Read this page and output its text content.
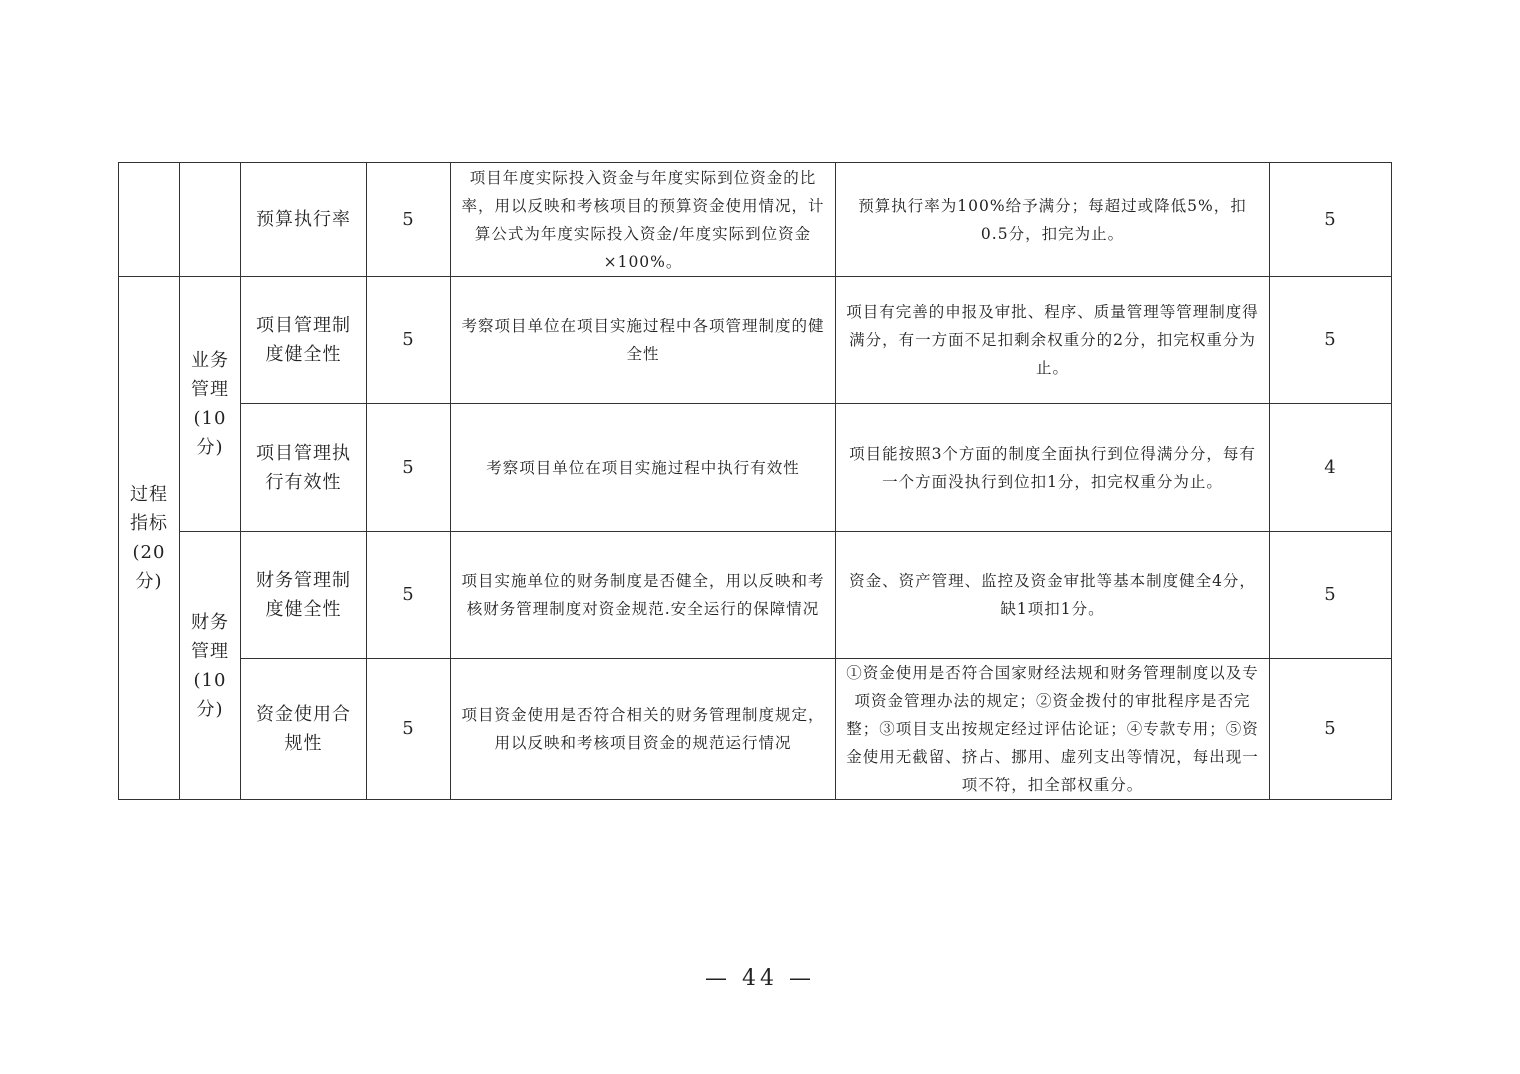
		预算执行率	5	项目年度实际投入资金与年度实际到位资金的比率，用以反映和考核项目的预算资金使用情况，计算公式为年度实际投入资金/年度实际到位资金×100%。	预算执行率为100%给予满分；每超过或降低5%，扣0.5分，扣完为止。	5
过程指标(20分)	业务管理(10分)	项目管理制度健全性	5	考察项目单位在项目实施过程中各项管理制度的健全性	项目有完善的申报及审批、程序、质量管理等管理制度得满分，有一方面不足扣剩余权重分的2分，扣完权重分为止。	5
		项目管理执行有效性	5	考察项目单位在项目实施过程中执行有效性	项目能按照3个方面的制度全面执行到位得满分分，每有一个方面没执行到位扣1分，扣完权重分为止。	4
	财务管理(10分)	财务管理制度健全性	5	项目实施单位的财务制度是否健全，用以反映和考核财务管理制度对资金规范.安全运行的保障情况	资金、资产管理、监控及资金审批等基本制度健全4分，缺1项扣1分。	5
		资金使用合规性	5	项目资金使用是否符合相关的财务管理制度规定，用以反映和考核项目资金的规范运行情况	①资金使用是否符合国家财经法规和财务管理制度以及专项资金管理办法的规定；②资金拨付的审批程序是否完整；③项目支出按规定经过评估论证；④专款专用；⑤资金使用无截留、挤占、挪用、虚列支出等情况，每出现一项不符，扣全部权重分。	5
— 44 —
